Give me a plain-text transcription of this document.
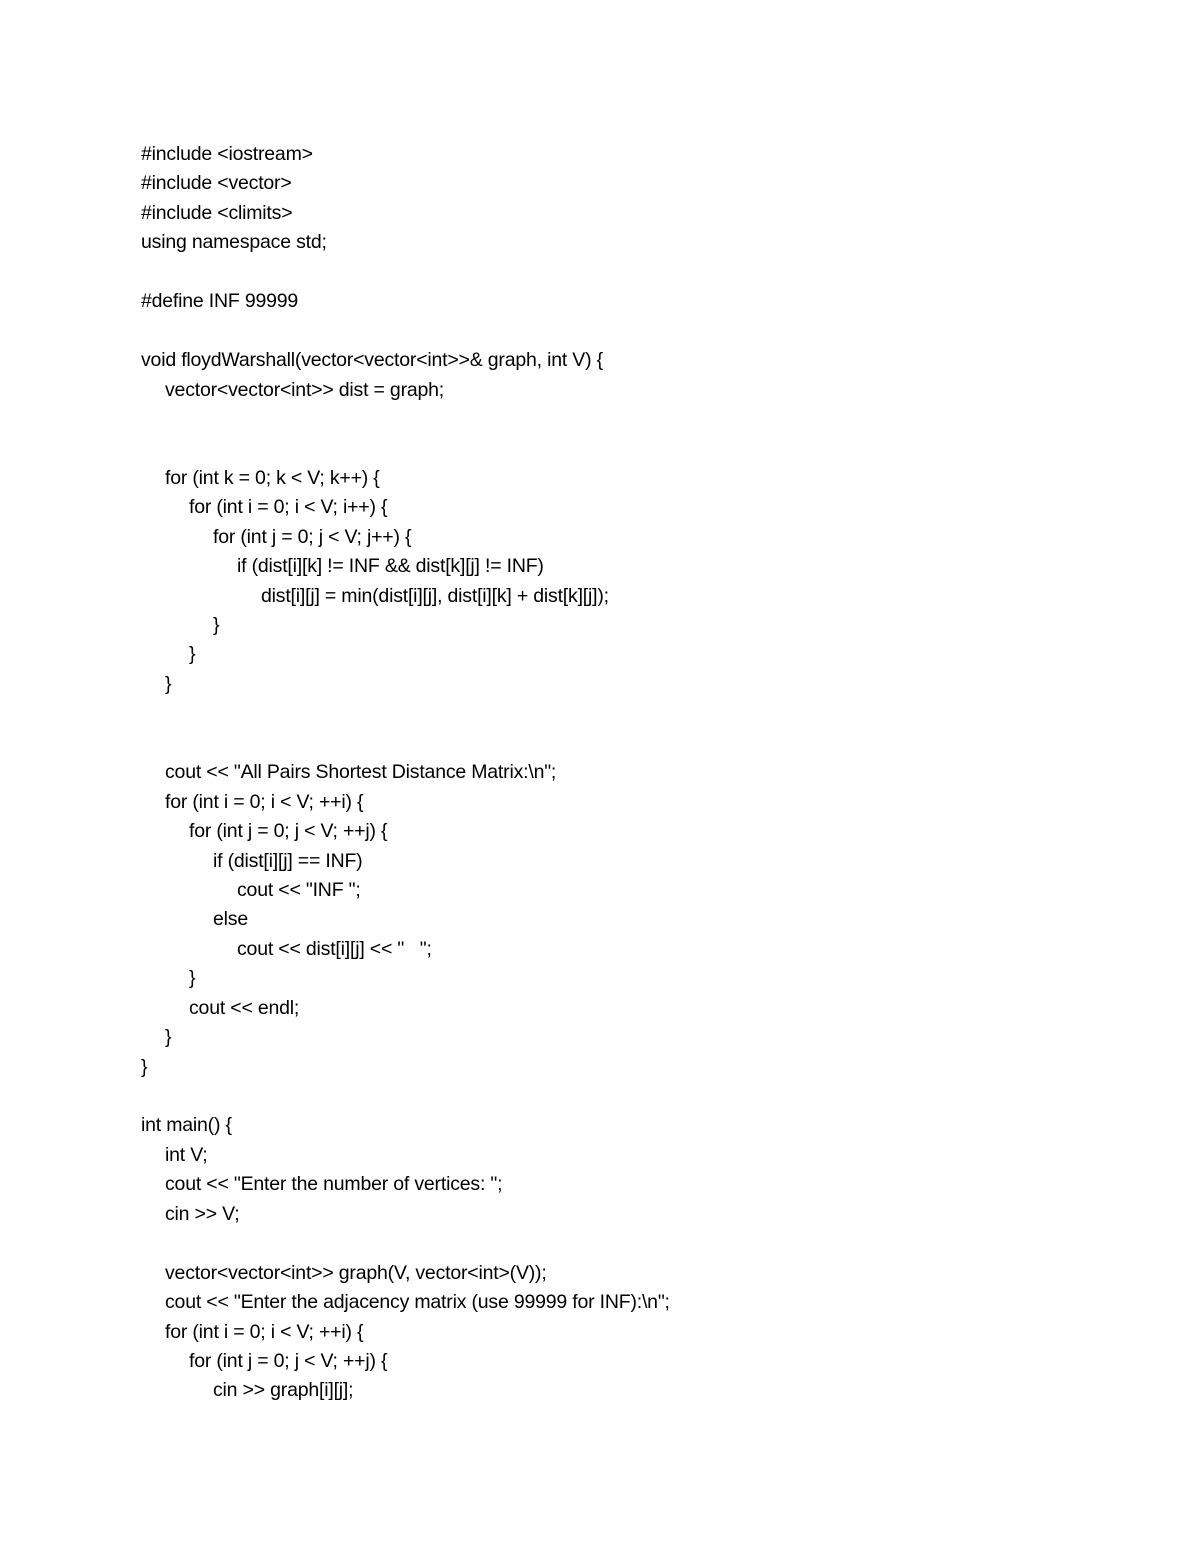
#include <iostream>
#include <vector>
#include <climits>
using namespace std;
#define INF 99999
void floydWarshall(vector<vector<int>>& graph, int V) {
vector<vector<int>> dist = graph;
for (int k = 0; k < V; k++) {
for (int i = 0; i < V; i++) {
for (int j = 0; j < V; j++) {
if (dist[i][k] != INF && dist[k][j] != INF)
dist[i][j] = min(dist[i][j], dist[i][k] + dist[k][j]);
}
}
}
cout << "All Pairs Shortest Distance Matrix:\n";
for (int i = 0; i < V; ++i) {
for (int j = 0; j < V; ++j) {
if (dist[i][j] == INF)
cout << "INF ";
else
cout << dist[i][j] << "   ";
}
cout << endl;
}
}
int main() {
int V;
cout << "Enter the number of vertices: ";
cin >> V;
vector<vector<int>> graph(V, vector<int>(V));
cout << "Enter the adjacency matrix (use 99999 for INF):\n";
for (int i = 0; i < V; ++i) {
for (int j = 0; j < V; ++j) {
cin >> graph[i][j];
